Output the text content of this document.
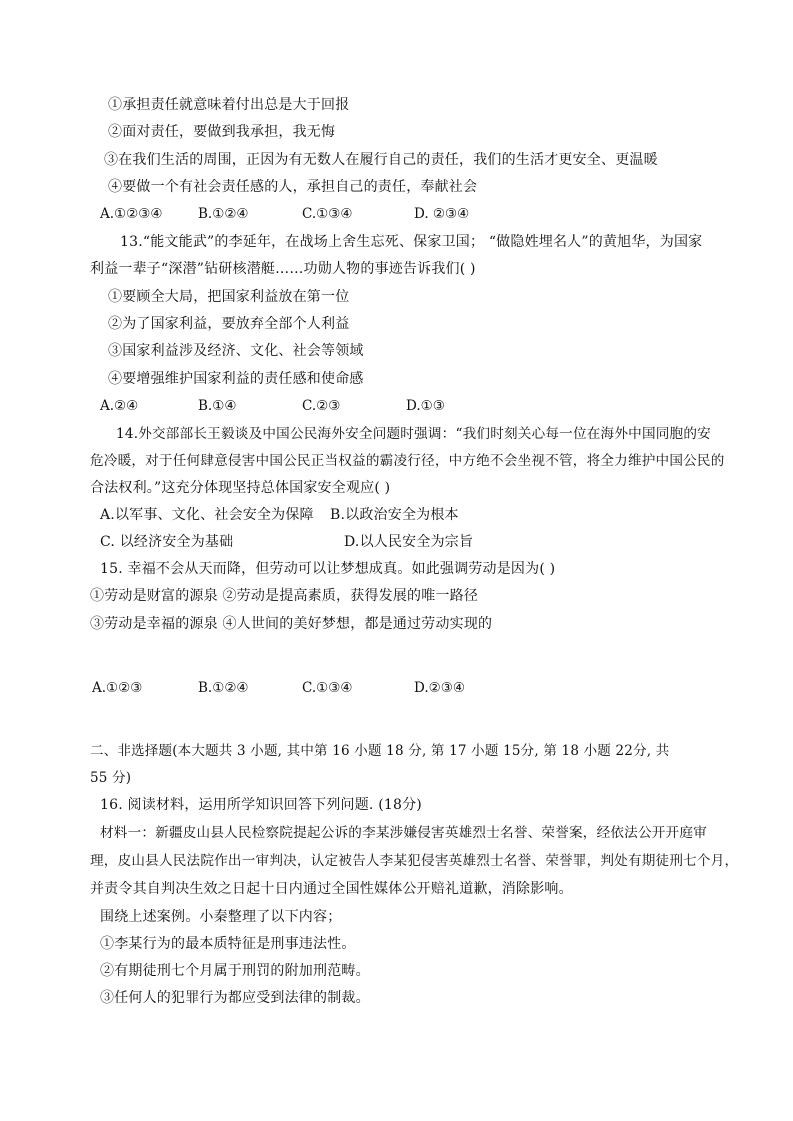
①承担责任就意味着付出总是大于回报
②面对责任，要做到我承担，我无悔
③在我们生活的周围，正因为有无数人在履行自己的责任，我们的生活才更安全、更温暖
④要做一个有社会责任感的人，承担自己的责任，奉献社会
A.①②③④	B.①②④	C.①③④	D. ②③④
13.“能文能武”的李延年，在战场上舍生忘死、保家卫国； “做隐姓埋名人”的黄旭华，为国家
利益一辈子“深潜”钻研核潜艇……功勋人物的事迹告诉我们( )
①要顾全大局，把国家利益放在第一位
②为了国家利益，要放弃全部个人利益
③国家利益涉及经济、文化、社会等领域
④要增强维护国家利益的责任感和使命感
A.②④	B.①④	C.②③	D.①③
14.外交部部长王毅谈及中国公民海外安全问题时强调：“我们时刻关心每一位在海外中国同胞的安
危冷暖，对于任何肆意侵害中国公民正当权益的霸凌行径，中方绝不会坐视不管，将全力维护中国公民的
合法权利。”这充分体现坚持总体国家安全观应( )
A.以军事、文化、社会安全为保障 B.以政治安全为根本
C. 以经济安全为基础	D.以人民安全为宗旨
15. 幸福不会从天而降，但劳动可以让梦想成真。如此强调劳动是因为( )
①劳动是财富的源泉 ②劳动是提高素质，获得发展的唯一路径
③劳动是幸福的源泉 ④人世间的美好梦想，都是通过劳动实现的
A.①②③	B.①②④	C.①③④	D.②③④
二、非选择题(本大题共 3 小题, 其中第 16 小题 18 分, 第 17 小题 15分, 第 18 小题 22分, 共
55 分)
16. 阅读材料，运用所学知识回答下列问题. (18分)
材料一：新疆皮山县人民检察院提起公诉的李某涉嫌侵害英雄烈士名誉、荣誉案，经依法公开开庭审
理，皮山县人民法院作出一审判决，认定被告人李某犯侵害英雄烈士名誉、荣誉罪，判处有期徒刑七个月，
并责令其自判决生效之日起十日内通过全国性媒体公开赔礼道歉，消除影响。
围绕上述案例。小秦整理了以下内容；
①李某行为的最本质特征是刑事违法性。
②有期徒刑七个月属于刑罚的附加刑范畴。
③任何人的犯罪行为都应受到法律的制裁。
